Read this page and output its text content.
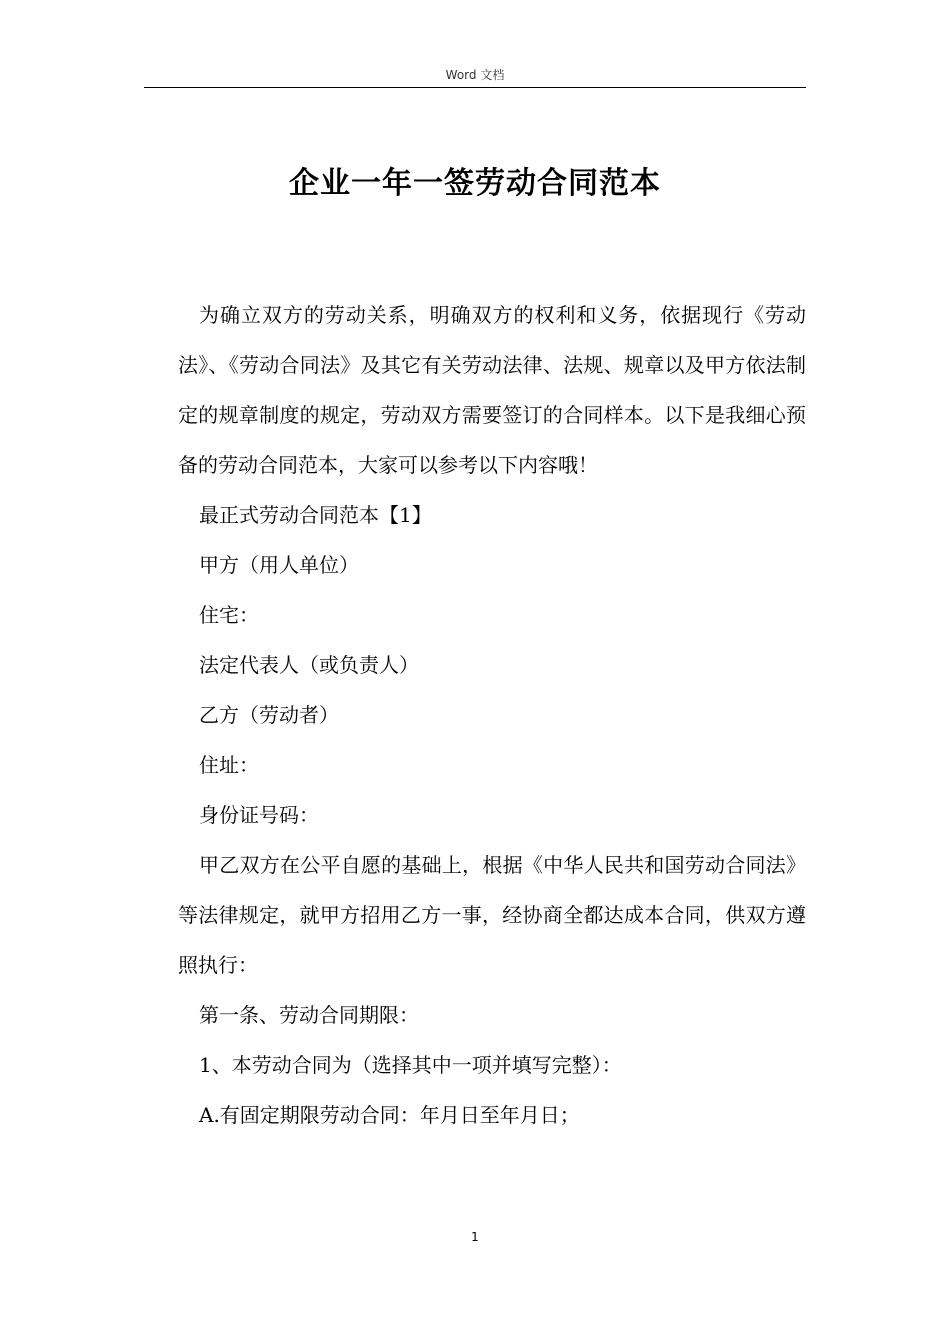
Word 文档
企业一年一签劳动合同范本

为确立双方的劳动关系，明确双方的权利和义务，依据现行《劳动法》、《劳动合同法》及其它有关劳动法律、法规、规章以及甲方依法制定的规章制度的规定，劳动双方需要签订的合同样本。以下是我细心预备的劳动合同范本，大家可以参考以下内容哦！

最正式劳动合同范本【1】

甲方（用人单位）

住宅：

法定代表人（或负责人）

乙方（劳动者）

住址：

身份证号码：

甲乙双方在公平自愿的基础上，根据《中华人民共和国劳动合同法》等法律规定，就甲方招用乙方一事，经协商全都达成本合同，供双方遵照执行：

第一条、劳动合同期限：

1、本劳动合同为（选择其中一项并填写完整）：

A.有固定期限劳动合同：年月日至年月日；

1
